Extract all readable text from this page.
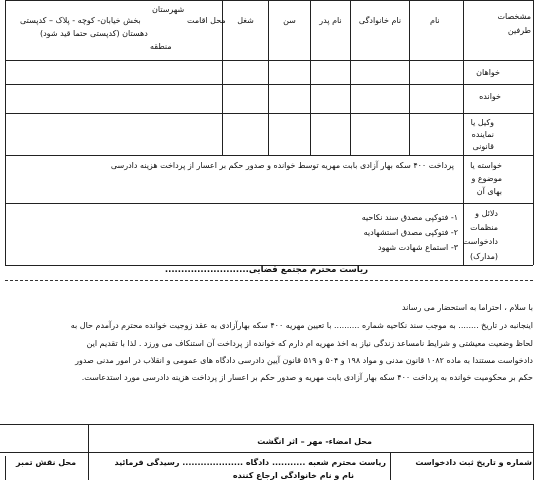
مشخصات طرفین
نام
نام خانوادگی
نام پدر
سن
شغل
محل اقامت
شهرستان
بخش خیابان- کوچه - پلاک – کدپستی
دهستان (کدپستی حتما قید شود)
منطقه
خواهان
خوانده
وکیل یا
نماینده
قانونی
خواسته یا
موضوع و
بهای آن
پرداخت ۴۰۰ سکه بهار آزادی بابت مهریه توسط خوانده و صدور حکم بر اعسار از پرداخت هزینه دادرسی
دلائل و
منظمات
دادخواست
(مدارک)
۱- فتوکپی مصدق سند نکاحیه
۲- فتوکپی مصدق استشهادیه
۳- استماع شهادت شهود
ریاست محترم مجتمع قضایی..........................
با سلام ، احتراما به استحضار می رساند
اینجانبه در تاریخ ........ به موجب سند نکاحیه شماره .......... با تعیین مهریه ۴۰۰ سکه بهارآزادی به عقد زوجیت خوانده محترم درآمدم حال به
لحاظ وضعیت معیشتی و شرایط نامساعد زندگی نیاز به اخذ مهریه ام دارم که خوانده از پرداخت آن استنکاف می ورزد . لذا با تقدیم این
دادخواست مستندا به ماده ۱۰۸۲ قانون مدنی و مواد ۱۹۸ و ۵۰۴ و ۵۱۹ قانون آیین دادرسی دادگاه های عمومی و انقلاب در امور مدنی صدور
حکم بر محکومیت خوانده به پرداخت ۴۰۰ سکه بهار آزادی بابت مهریه و صدور حکم بر اعسار از پرداخت هزینه دادرسی مورد استدعاست.
محل امضاء- مهر – اثر انگشت
شماره و تاریخ ثبت دادخواست
ریاست محترم شعبه ........... دادگاه .................... رسیدگی فرمائید
نام و نام خانوادگی ارجاع کننده
محل نقش تمبر
